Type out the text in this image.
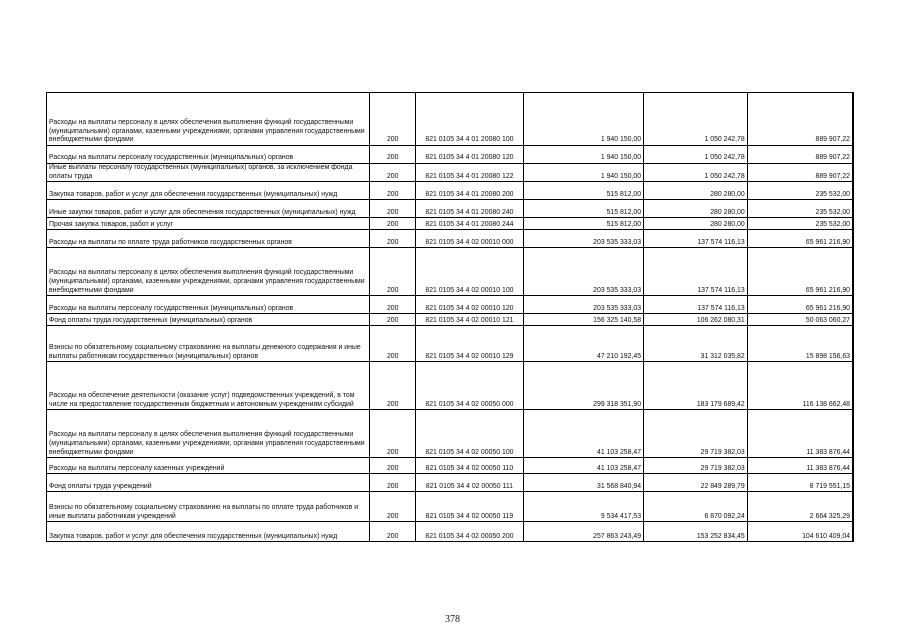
Расходы на выплаты персоналу в целях обеспечения выполнения функций государственными (муниципальными) органами, казенными учреждениями, органами управления государственными внебюджетными фондами	200	821 0105 34 4 01 20080 100	1 940 150,00	1 050 242,78	889 907,22
Расходы на выплаты персоналу государственных (муниципальных) органов	200	821 0105 34 4 01 20080 120	1 940 150,00	1 050 242,78	889 907,22
Иные выплаты персоналу государственных (муниципальных) органов, за исключением фонда оплаты труда	200	821 0105 34 4 01 20080 122	1 940 150,00	1 050 242,78	889 907,22
Закупка товаров, работ и услуг для обеспечения государственных (муниципальных) нужд	200	821 0105 34 4 01 20080 200	515 812,00	280 280,00	235 532,00
Иные закупки товаров, работ и услуг для обеспечения государственных (муниципальных) нужд	200	821 0105 34 4 01 20080 240	515 812,00	280 280,00	235 532,00
Прочая закупка товаров, работ и услуг	200	821 0105 34 4 01 20080 244	515 812,00	280 280,00	235 532,00
Расходы на выплаты по оплате труда работников государственных органов	200	821 0105 34 4 02 00010 000	203 535 333,03	137 574 116,13	65 961 216,90
Расходы на выплаты персоналу в целях обеспечения выполнения функций государственными (муниципальными) органами, казенными учреждениями, органами управления государственными внебюджетными фондами	200	821 0105 34 4 02 00010 100	203 535 333,03	137 574 116,13	65 961 216,90
Расходы на выплаты персоналу государственных (муниципальных) органов	200	821 0105 34 4 02 00010 120	203 535 333,03	137 574 116,13	65 961 216,90
Фонд оплаты труда государственных (муниципальных) органов	200	821 0105 34 4 02 00010 121	156 325 140,58	106 262 080,31	50 063 060,27
Взносы по обязательному социальному страхованию на выплаты денежного содержания и иные выплаты работникам государственных (муниципальных) органов	200	821 0105 34 4 02 00010 129	47 210 192,45	31 312 035,82	15 898 156,63
Расходы на обеспечение деятельности (оказание услуг) подведомственных учреждений, в том числе на предоставление государственным бюджетным и автономным учреждениям субсидий	200	821 0105 34 4 02 00050 000	299 318 351,90	183 179 689,42	116 138 662,48
Расходы на выплаты персоналу в целях обеспечения выполнения функций государственными (муниципальными) органами, казенными учреждениями, органами управления государственными внебюджетными фондами	200	821 0105 34 4 02 00050 100	41 103 258,47	29 719 382,03	11 383 876,44
Расходы на выплаты персоналу казенных учреждений	200	821 0105 34 4 02 00050 110	41 103 258,47	29 719 382,03	11 383 876,44
Фонд оплаты труда учреждений	200	821 0105 34 4 02 00050 111	31 568 840,94	22 849 289,79	8 719 551,15
Взносы по обязательному социальному страхованию на выплаты по оплате труда работников и иные выплаты работникам учреждений	200	821 0105 34 4 02 00050 119	9 534 417,53	6 870 092,24	2 664 325,29
Закупка товаров, работ и услуг для обеспечения государственных (муниципальных) нужд	200	821 0105 34 4 02 00050 200	257 863 243,49	153 252 834,45	104 610 409,04
378
